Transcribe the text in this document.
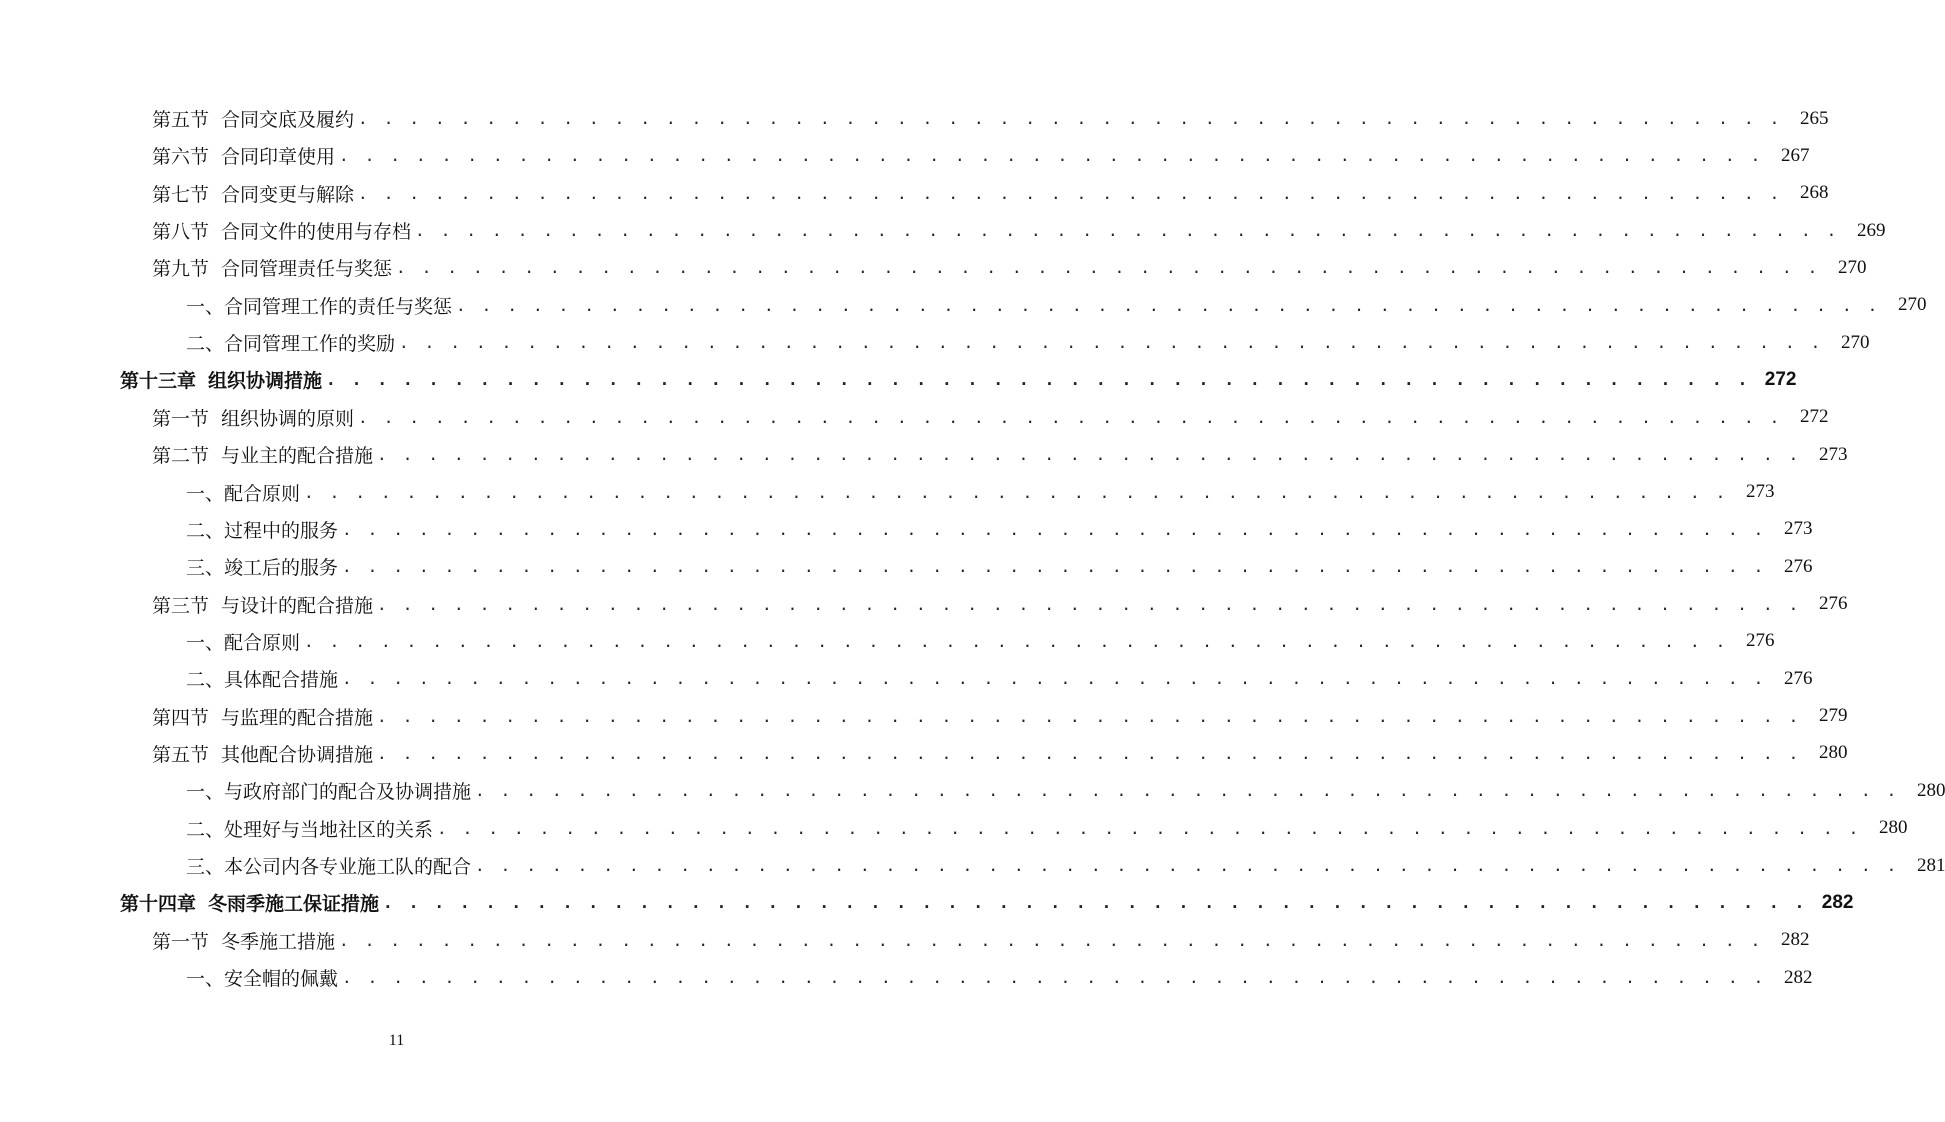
第五节 合同交底及履约 . . . . . . . . . . . . . . . . . . . . . . . . . . . . . . . . . . . . . . . . . . . . . . . . . . . . . . . . 265
第六节 合同印章使用 . . . . . . . . . . . . . . . . . . . . . . . . . . . . . . . . . . . . . . . . . . . . . . . . . . . . . . . . 267
第七节 合同变更与解除 . . . . . . . . . . . . . . . . . . . . . . . . . . . . . . . . . . . . . . . . . . . . . . . . . . . . . . . . 268
第八节 合同文件的使用与存档 . . . . . . . . . . . . . . . . . . . . . . . . . . . . . . . . . . . . . . . . . . . . . . . . . . . . . . . . 269
第九节 合同管理责任与奖惩 . . . . . . . . . . . . . . . . . . . . . . . . . . . . . . . . . . . . . . . . . . . . . . . . . . . . . . . . 270
一、合同管理工作的责任与奖惩 . . . . . . . . . . . . . . . . . . . . . . . . . . . . . . . . . . . . . . . . . . . . . . . . . . . . . . . . 270
二、合同管理工作的奖励 . . . . . . . . . . . . . . . . . . . . . . . . . . . . . . . . . . . . . . . . . . . . . . . . . . . . . . . . 270
第十三章 组织协调措施 . . . . . . . . . . . . . . . . . . . . . . . . . . . . . . . . . . . . . . . . . . . . . . . . . . . . . . . . 272
第一节 组织协调的原则 . . . . . . . . . . . . . . . . . . . . . . . . . . . . . . . . . . . . . . . . . . . . . . . . . . . . . . . . 272
第二节 与业主的配合措施 . . . . . . . . . . . . . . . . . . . . . . . . . . . . . . . . . . . . . . . . . . . . . . . . . . . . . . . . 273
一、配合原则 . . . . . . . . . . . . . . . . . . . . . . . . . . . . . . . . . . . . . . . . . . . . . . . . . . . . . . . . 273
二、过程中的服务 . . . . . . . . . . . . . . . . . . . . . . . . . . . . . . . . . . . . . . . . . . . . . . . . . . . . . . . . 273
三、竣工后的服务 . . . . . . . . . . . . . . . . . . . . . . . . . . . . . . . . . . . . . . . . . . . . . . . . . . . . . . . . 276
第三节 与设计的配合措施 . . . . . . . . . . . . . . . . . . . . . . . . . . . . . . . . . . . . . . . . . . . . . . . . . . . . . . . . 276
一、配合原则 . . . . . . . . . . . . . . . . . . . . . . . . . . . . . . . . . . . . . . . . . . . . . . . . . . . . . . . . 276
二、具体配合措施 . . . . . . . . . . . . . . . . . . . . . . . . . . . . . . . . . . . . . . . . . . . . . . . . . . . . . . . . 276
第四节 与监理的配合措施 . . . . . . . . . . . . . . . . . . . . . . . . . . . . . . . . . . . . . . . . . . . . . . . . . . . . . . . . 279
第五节 其他配合协调措施 . . . . . . . . . . . . . . . . . . . . . . . . . . . . . . . . . . . . . . . . . . . . . . . . . . . . . . . . 280
一、与政府部门的配合及协调措施 . . . . . . . . . . . . . . . . . . . . . . . . . . . . . . . . . . . . . . . . . . . . . . . . . . . . . . . . 280
二、处理好与当地社区的关系 . . . . . . . . . . . . . . . . . . . . . . . . . . . . . . . . . . . . . . . . . . . . . . . . . . . . . . . . 280
三、本公司内各专业施工队的配合 . . . . . . . . . . . . . . . . . . . . . . . . . . . . . . . . . . . . . . . . . . . . . . . . . . . . . . . . 281
第十四章 冬雨季施工保证措施 . . . . . . . . . . . . . . . . . . . . . . . . . . . . . . . . . . . . . . . . . . . . . . . . . . . . . . . . 282
第一节 冬季施工措施 . . . . . . . . . . . . . . . . . . . . . . . . . . . . . . . . . . . . . . . . . . . . . . . . . . . . . . . . 282
一、安全帽的佩戴 . . . . . . . . . . . . . . . . . . . . . . . . . . . . . . . . . . . . . . . . . . . . . . . . . . . . . . . . 282
11
